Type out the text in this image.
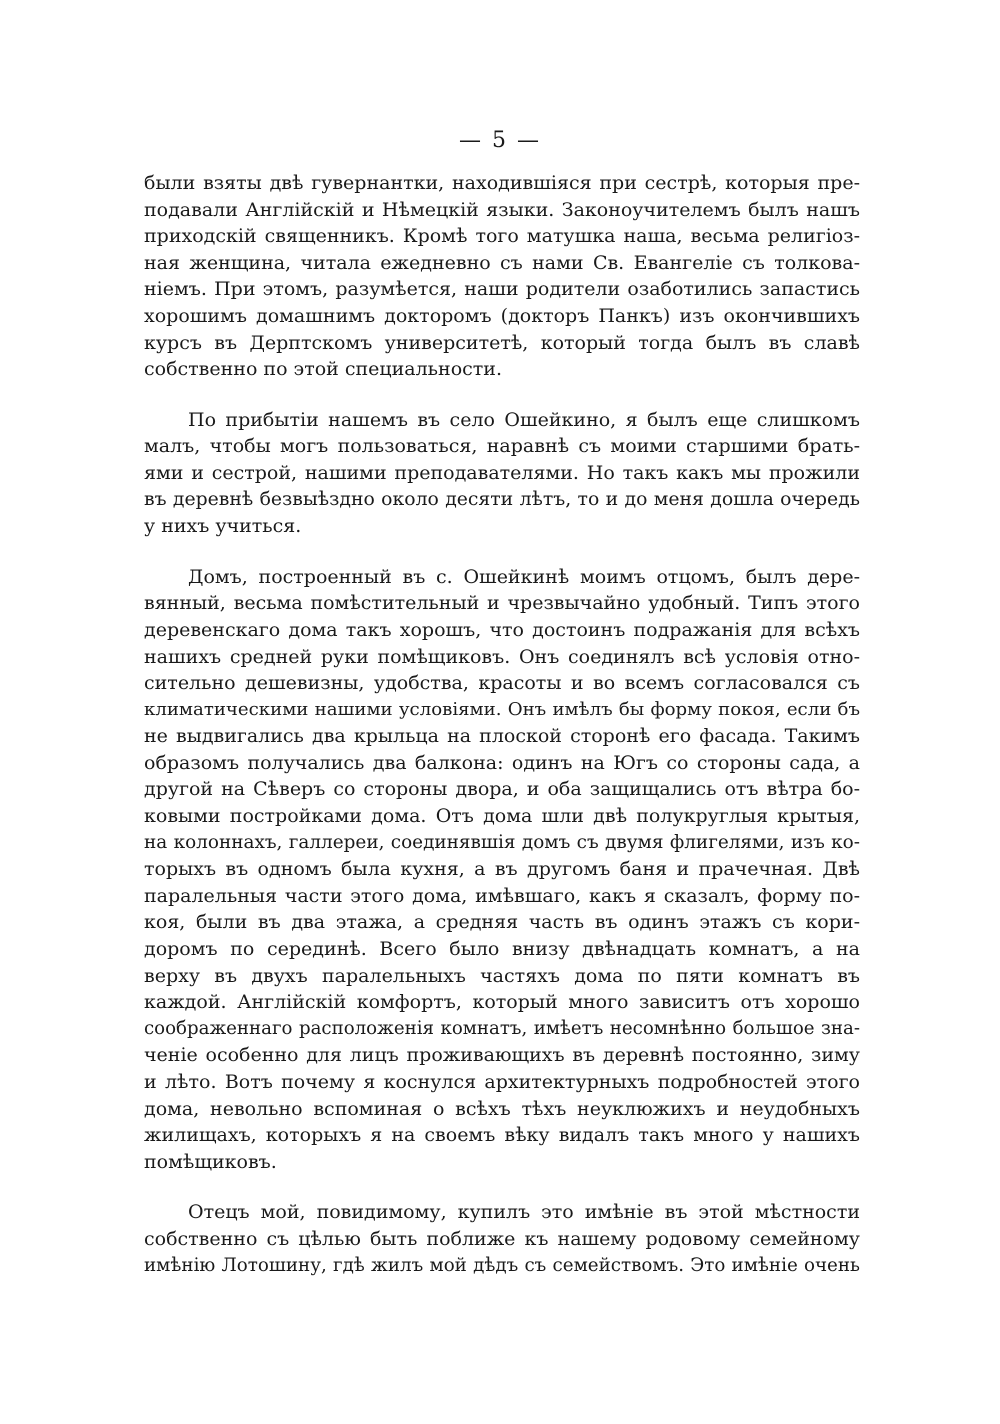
— 5 —
были взяты двѣ гувернантки, находившiяся при сестрѣ, которыя пре-
подавали Англiйскiй и Нѣмецкiй языки. Законоучителемъ былъ нашъ
приходскiй священникъ. Кромѣ того матушка наша, весьма религiоз-
ная женщина, читала ежедневно съ нами Св. Евангелiе съ толкова-
нiемъ. При этомъ, разумѣется, наши родители озаботились запастись
хорошимъ домашнимъ докторомъ (докторъ Панкъ) изъ окончившихъ
курсъ въ Дерптскомъ университетѣ, который тогда былъ въ славѣ
собственно по этой специальности.
По прибытiи нашемъ въ село Ошейкино, я былъ еще слишкомъ
малъ, чтобы могъ пользоваться, наравнѣ съ моими старшими брать-
ями и сестрой, нашими преподавателями. Но такъ какъ мы прожили
въ деревнѣ безвыѣздно около десяти лѣтъ, то и до меня дошла очередь
у нихъ учиться.
Домъ, построенный въ с. Ошейкинѣ моимъ отцомъ, былъ дере-
вянный, весьма помѣстительный и чрезвычайно удобный. Типъ этого
деревенскаго дома такъ хорошъ, что достоинъ подражанiя для всѣхъ
нашихъ средней руки помѣщиковъ. Онъ соединялъ всѣ условiя отно-
сительно дешевизны, удобства, красоты и во всемъ согласовался съ
климатическими нашими условiями. Онъ имѣлъ бы форму покоя, если бъ
не выдвигались два крыльца на плоской сторонѣ его фасада. Такимъ
образомъ получались два балкона: одинъ на Югъ со стороны сада, а
другой на Сѣверъ со стороны двора, и оба защищались отъ вѣтра бо-
ковыми постройками дома. Отъ дома шли двѣ полукруглыя крытыя,
на колоннахъ, галлереи, соединявшiя домъ съ двумя флигелями, изъ ко-
торыхъ въ одномъ была кухня, а въ другомъ баня и прачечная. Двѣ
паралельныя части этого дома, имѣвшаго, какъ я сказалъ, форму по-
коя, были въ два этажа, а средняя часть въ одинъ этажъ съ кори-
доромъ по серединѣ. Всего было внизу двѣнадцать комнатъ, а на
верху въ двухъ паралельныхъ частяхъ дома по пяти комнатъ въ
каждой. Англiйскiй комфортъ, который много зависитъ отъ хорошо
соображеннаго расположенiя комнатъ, имѣетъ несомнѣнно большое зна-
ченiе особенно для лицъ проживающихъ въ деревнѣ постоянно, зиму
и лѣто. Вотъ почему я коснулся архитектурныхъ подробностей этого
дома, невольно вспоминая о всѣхъ тѣхъ неуклюжихъ и неудобныхъ
жилищахъ, которыхъ я на своемъ вѣку видалъ такъ много у нашихъ
помѣщиковъ.
Отецъ мой, повидимому, купилъ это имѣнiе въ этой мѣстности
собственно съ цѣлью быть поближе къ нашему родовому семейному
имѣнiю Лотошину, гдѣ жилъ мой дѣдъ съ семействомъ. Это имѣнiе очень
